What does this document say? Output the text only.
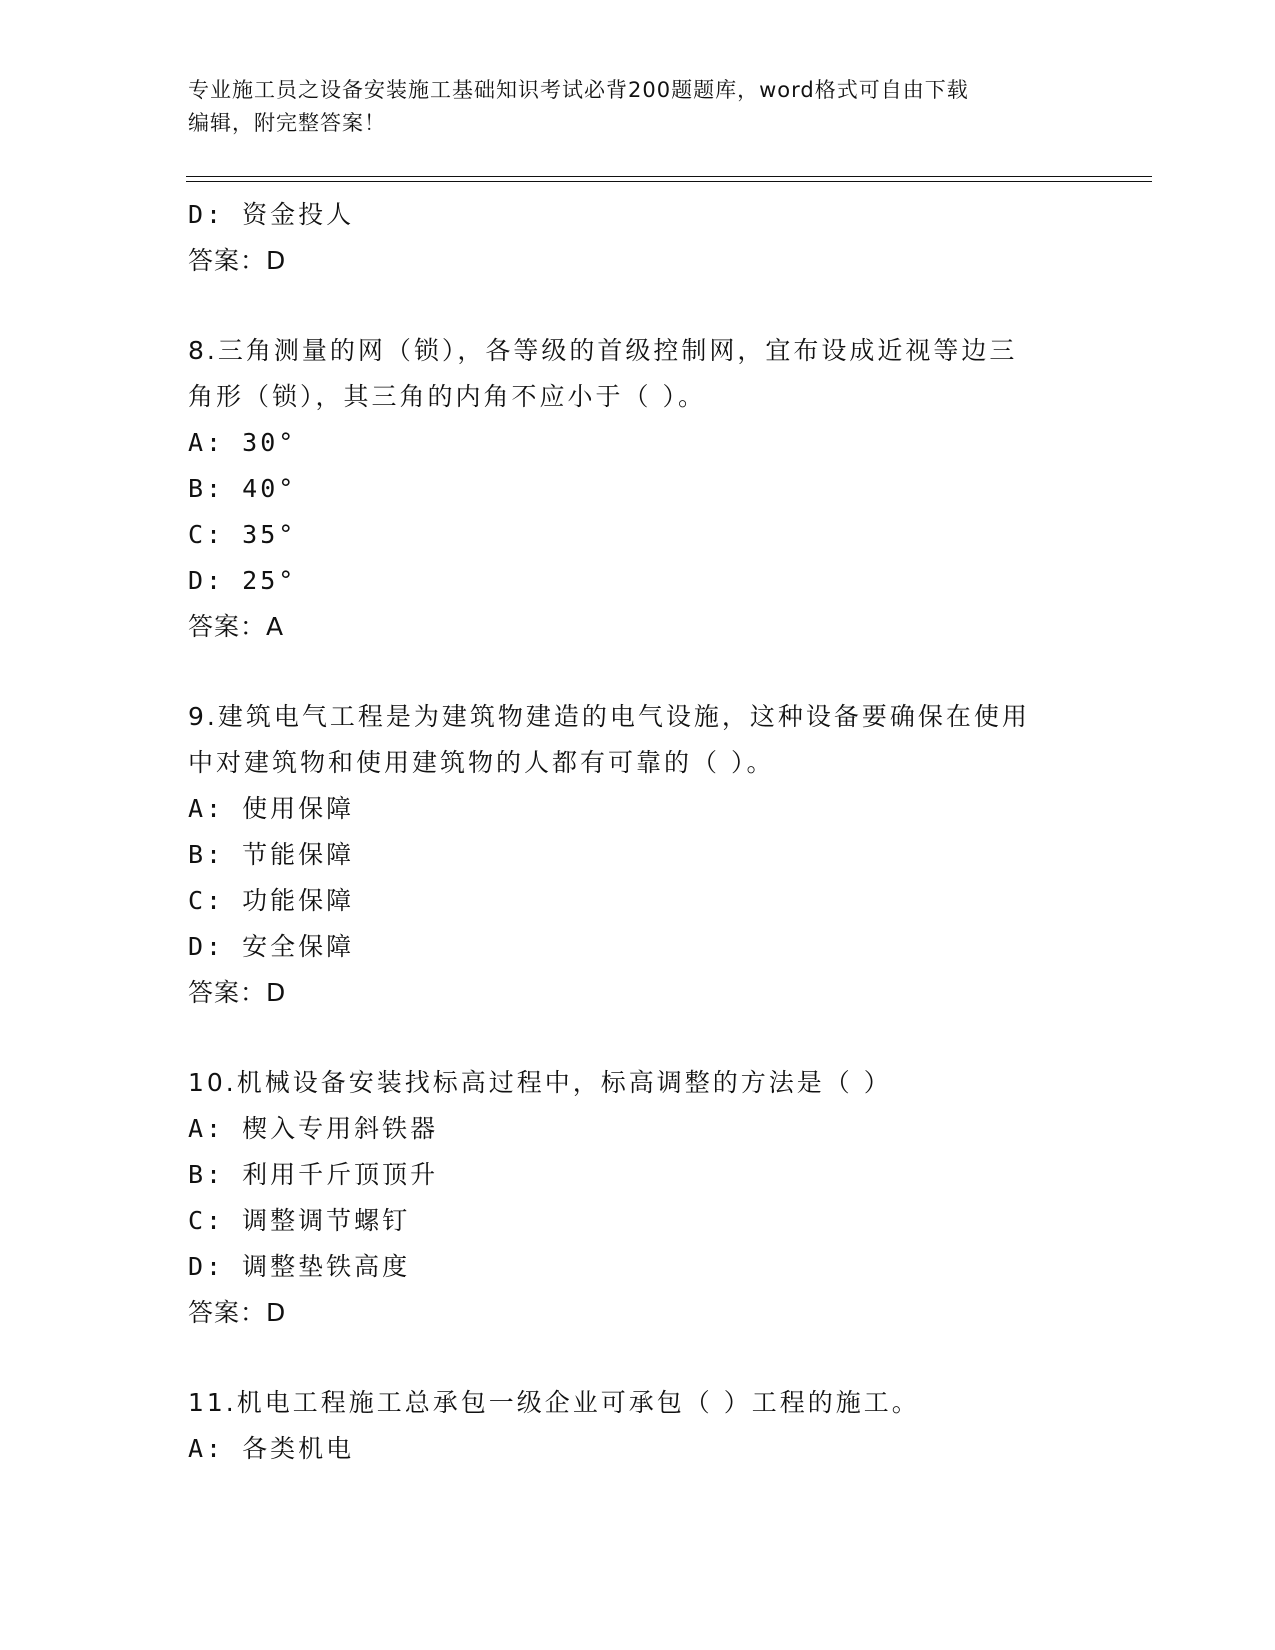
专业施工员之设备安装施工基础知识考试必背200题题库，word格式可自由下载
编辑，附完整答案！
D: 资金投人
答案：D
8.三角测量的网（锁），各等级的首级控制网，宜布设成近视等边三
角形（锁），其三角的内角不应小于（ ）。
A: 30°
B: 40°
C: 35°
D: 25°
答案：A
9.建筑电气工程是为建筑物建造的电气设施，这种设备要确保在使用
中对建筑物和使用建筑物的人都有可靠的（ ）。
A: 使用保障
B: 节能保障
C: 功能保障
D: 安全保障
答案：D
10.机械设备安装找标高过程中，标高调整的方法是（ ）
A: 楔入专用斜铁器
B: 利用千斤顶顶升
C: 调整调节螺钉
D: 调整垫铁高度
答案：D
11.机电工程施工总承包一级企业可承包（ ）工程的施工。
A: 各类机电
